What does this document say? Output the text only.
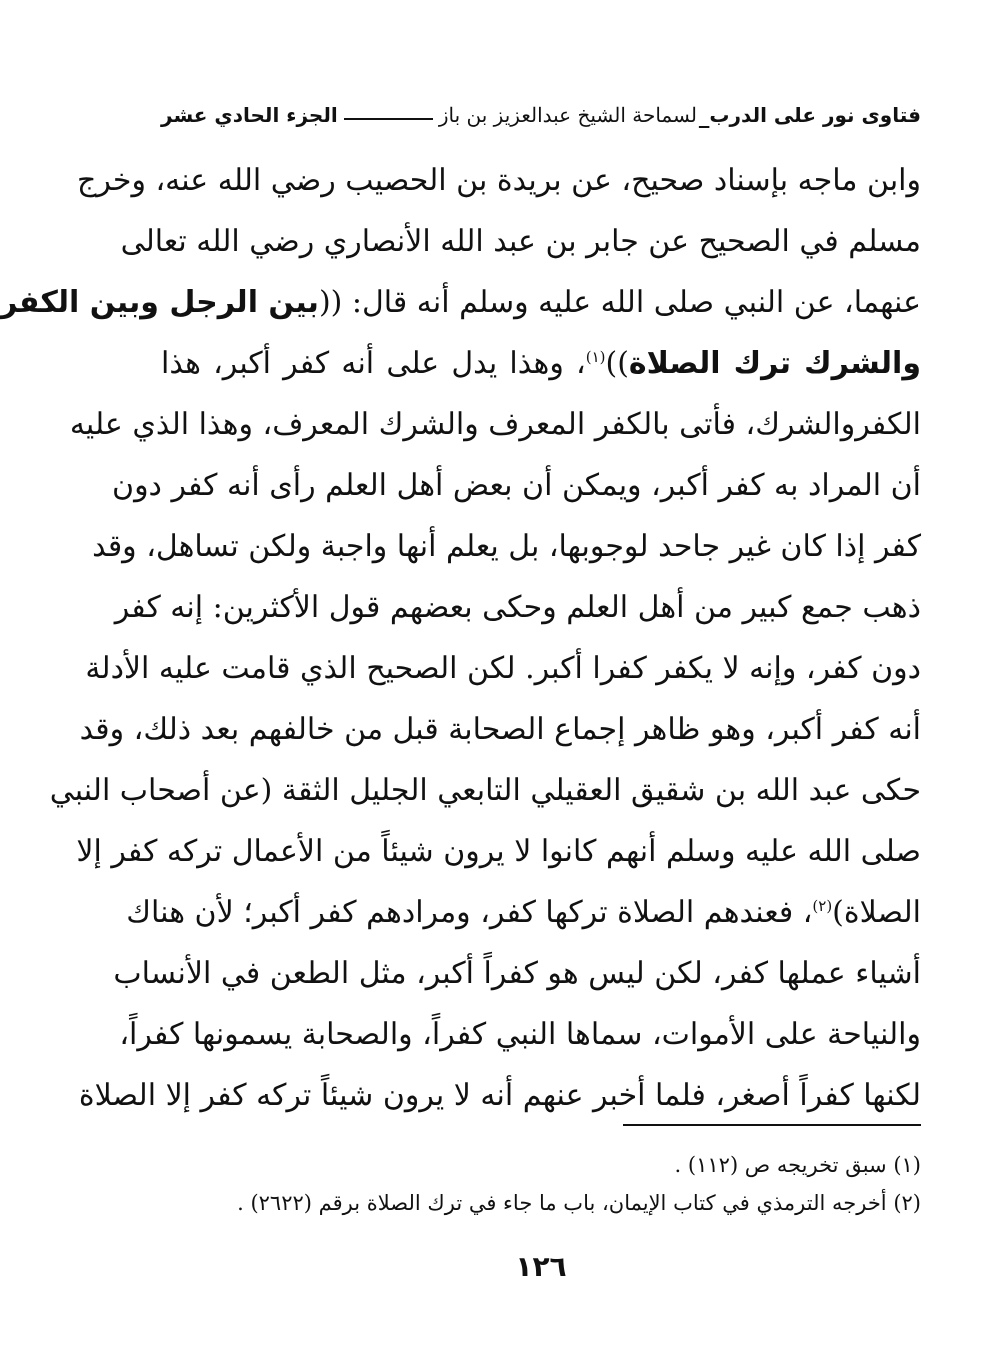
فتاوى نور على الدرب
_
لسماحة الشيخ عبدالعزيز بن باز
الجزء الحادي عشر
وابن ماجه بإسناد صحيح، عن بريدة بن الحصيب رضي الله عنه، وخرج
مسلم في الصحيح عن جابر بن عبد الله الأنصاري رضي الله تعالى
عنهما، عن النبي صلى الله عليه وسلم أنه قال: ((بين الرجل وبين الكفر
والشرك ترك الصلاة))$^{(١)}$، وهذا يدل على أنه كفر أكبر، هذا
الكفروالشرك، فأتى بالكفر المعرف والشرك المعرف، وهذا الذي عليه
أن المراد به كفر أكبر، ويمكن أن بعض أهل العلم رأى أنه كفر دون
كفر إذا كان غير جاحد لوجوبها، بل يعلم أنها واجبة ولكن تساهل، وقد
ذهب جمع كبير من أهل العلم وحكى بعضهم قول الأكثرين: إنه كفر
دون كفر، وإنه لا يكفر كفرا أكبر. لكن الصحيح الذي قامت عليه الأدلة
أنه كفر أكبر، وهو ظاهر إجماع الصحابة قبل من خالفهم بعد ذلك، وقد
حكى عبد الله بن شقيق العقيلي التابعي الجليل الثقة (عن أصحاب النبي
صلى الله عليه وسلم أنهم كانوا لا يرون شيئاً من الأعمال تركه كفر إلا
الصلاة)$^{(٢)}$، فعندهم الصلاة تركها كفر، ومرادهم كفر أكبر؛ لأن هناك
أشياء عملها كفر، لكن ليس هو كفراً أكبر، مثل الطعن في الأنساب
والنياحة على الأموات، سماها النبي كفراً، والصحابة يسمونها كفراً،
لكنها كفراً أصغر، فلما أخبر عنهم أنه لا يرون شيئاً تركه كفر إلا الصلاة
(١) سبق تخريجه ص (١١٢) .
(٢) أخرجه الترمذي في كتاب الإيمان، باب ما جاء في ترك الصلاة برقم (٢٦٢٢) .
١٢٦
